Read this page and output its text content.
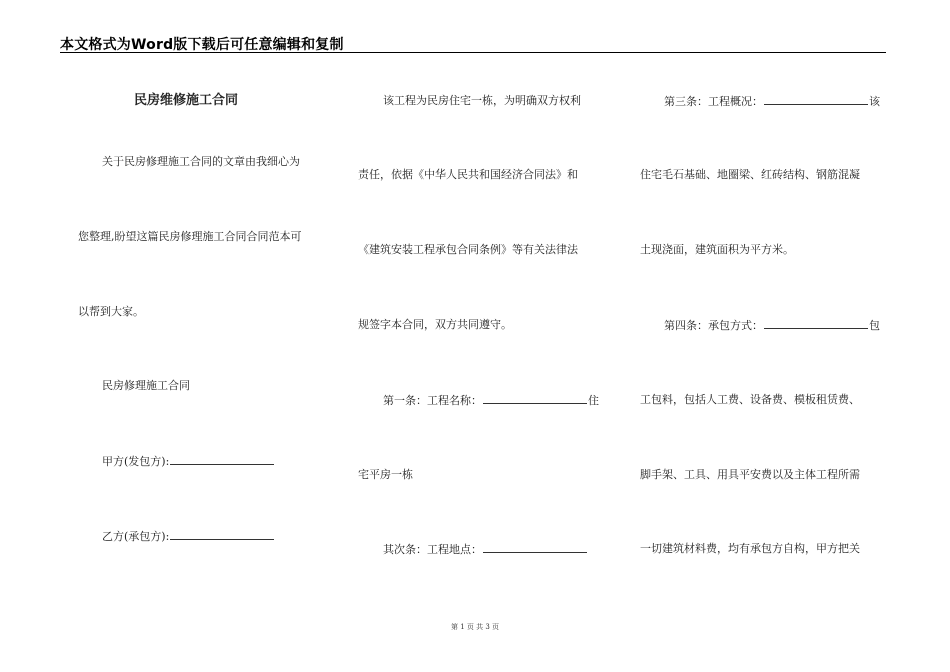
本文格式为Word版下载后可任意编辑和复制
民房维修施工合同
关于民房修理施工合同的文章由我细心为
您整理,盼望这篇民房修理施工合同合同范本可
以帮到大家。
民房修理施工合同
甲方(发包方):
乙方(承包方):
该工程为民房住宅一栋，为明确双方权利
责任，依据《中华人民共和国经济合同法》和
《建筑安装工程承包合同条例》等有关法律法
规签字本合同，双方共同遵守。
第一条：工程名称：	住
宅平房一栋
其次条：工程地点：
第三条：工程概况：	该
住宅毛石基础、地圈梁、红砖结构、钢筋混凝
土现浇面，建筑面积为平方米。
第四条：承包方式：	包
工包料，包括人工费、设备费、模板租赁费、
脚手架、工具、用具平安费以及主体工程所需
一切建筑材料费，均有承包方自构，甲方把关
第 1 页 共 3 页
